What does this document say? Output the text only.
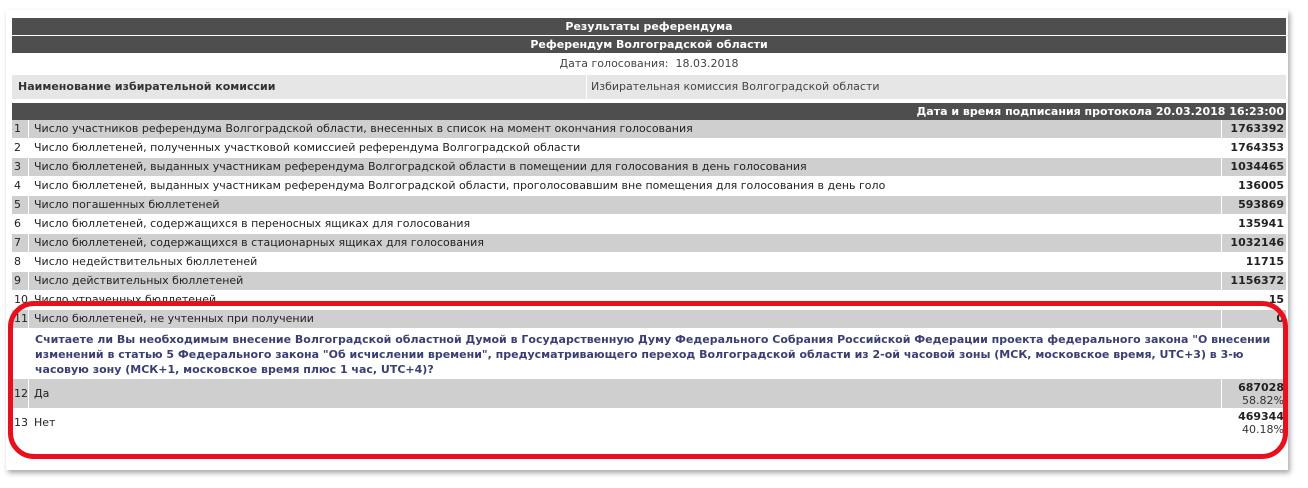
Результаты референдума
Референдум Волгоградской области
Дата голосования: 18.03.2018
Наименование избирательной комиссии	Избирательная комиссия Волгоградской области
Дата и время подписания протокола 20.03.2018 16:23:00
1	Число участников референдума Волгоградской области, внесенных в список на момент окончания голосования	1763392
2	Число бюллетеней, полученных участковой комиссией референдума Волгоградской области	1764353
3	Число бюллетеней, выданных участникам референдума Волгоградской области в помещении для голосования в день голосования	1034465
4	Число бюллетеней, выданных участникам референдума Волгоградской области, проголосовавшим вне помещения для голосования в день голо	136005
5	Число погашенных бюллетеней	593869
6	Число бюллетеней, содержащихся в переносных ящиках для голосования	135941
7	Число бюллетеней, содержащихся в стационарных ящиках для голосования	1032146
8	Число недействительных бюллетеней	11715
9	Число действительных бюллетеней	1156372
10 Число утраченных бюллетеней	15
11 Число бюллетеней, не учтенных при получении	0
Считаете ли Вы необходимым внесение Волгоградской областной Думой в Государственную Думу Федерального Собрания Российской Федерации проекта федерального закона "О внесении изменений в статью 5 Федерального закона "Об исчислении времени", предусматривающего переход Волгоградской области из 2-ой часовой зоны (МСК, московское время, UTC+3) в 3-ю часовую зону (МСК+1, московское время плюс 1 час, UTC+4)?
12 Да	687028
58.82%
13 Нет	469344
40.18%
